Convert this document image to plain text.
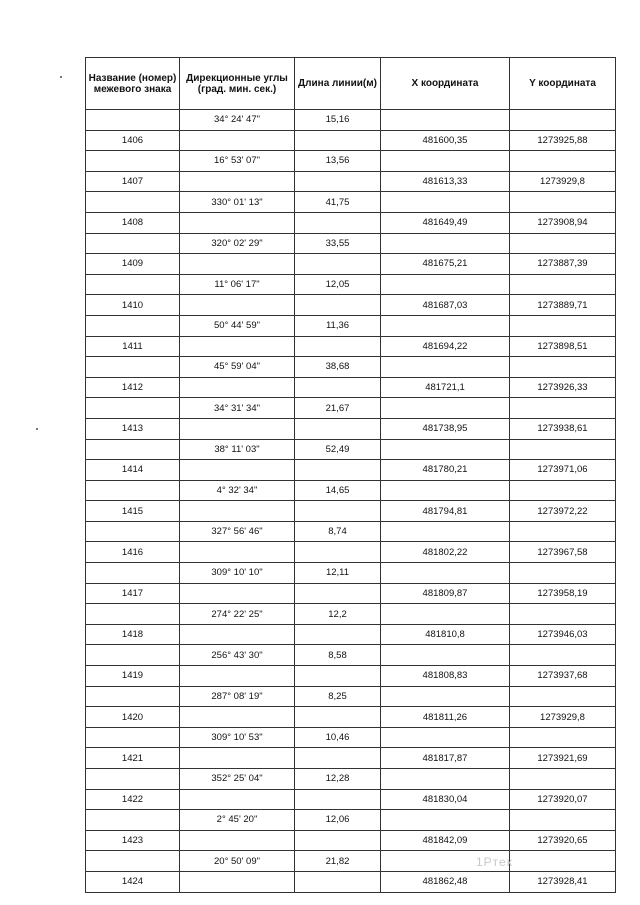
Название (номер) межевого знака	Дирекционные углы (град. мин. сек.)	Длина линии(м)	X координата	Y координата
	34° 24' 47"	15,16		
1406			481600,35	1273925,88
	16° 53' 07"	13,56		
1407			481613,33	1273929,8
	330° 01' 13"	41,75		
1408			481649,49	1273908,94
	320° 02' 29"	33,55		
1409			481675,21	1273887,39
	11° 06' 17"	12,05		
1410			481687,03	1273889,71
	50° 44' 59"	11,36		
1411			481694,22	1273898,51
	45° 59' 04"	38,68		
1412			481721,1	1273926,33
	34° 31' 34"	21,67		
1413			481738,95	1273938,61
	38° 11' 03"	52,49		
1414			481780,21	1273971,06
	4° 32' 34"	14,65		
1415			481794,81	1273972,22
	327° 56' 46"	8,74		
1416			481802,22	1273967,58
	309° 10' 10"	12,11		
1417			481809,87	1273958,19
	274° 22' 25"	12,2		
1418			481810,8	1273946,03
	256° 43' 30"	8,58		
1419			481808,83	1273937,68
	287° 08' 19"	8,25		
1420			481811,26	1273929,8
	309° 10' 53"	10,46		
1421			481817,87	1273921,69
	352° 25' 04"	12,28		
1422			481830,04	1273920,07
	2° 45' 20"	12,06		
1423			481842,09	1273920,65
	20° 50' 09"	21,82		
1424			481862,48	1273928,41
1Pтек
